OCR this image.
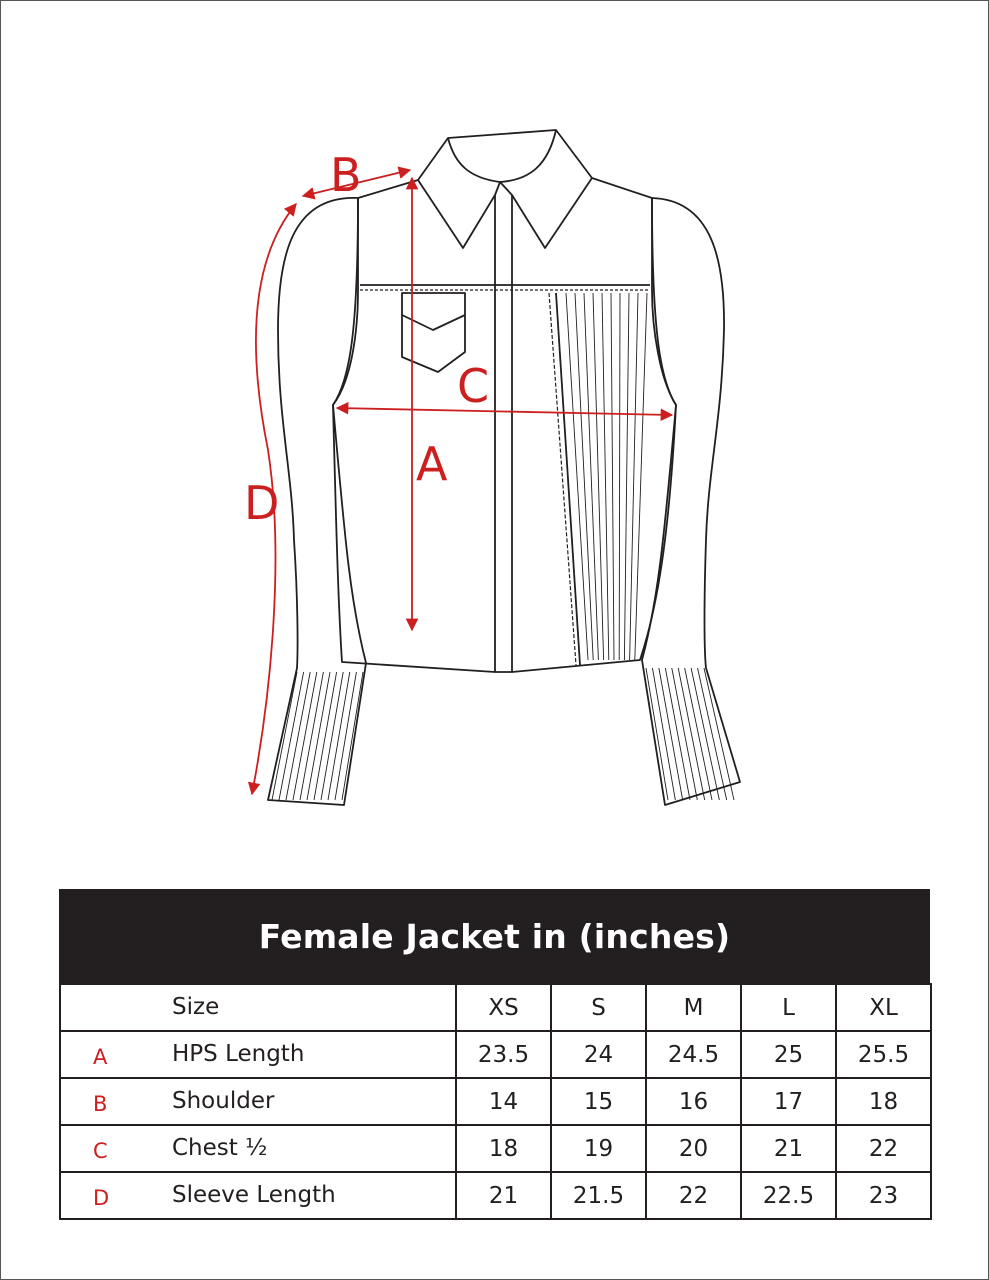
B
C
A
D
Female Jacket in (inches)
Size	XS	S	M	L	XL

A HPS Length	23.5	24	24.5	25	25.5

B Shoulder	14	15	16	17	18

C Chest ½	18	19	20	21	22

D Sleeve Length	21	21.5	22	22.5	23
